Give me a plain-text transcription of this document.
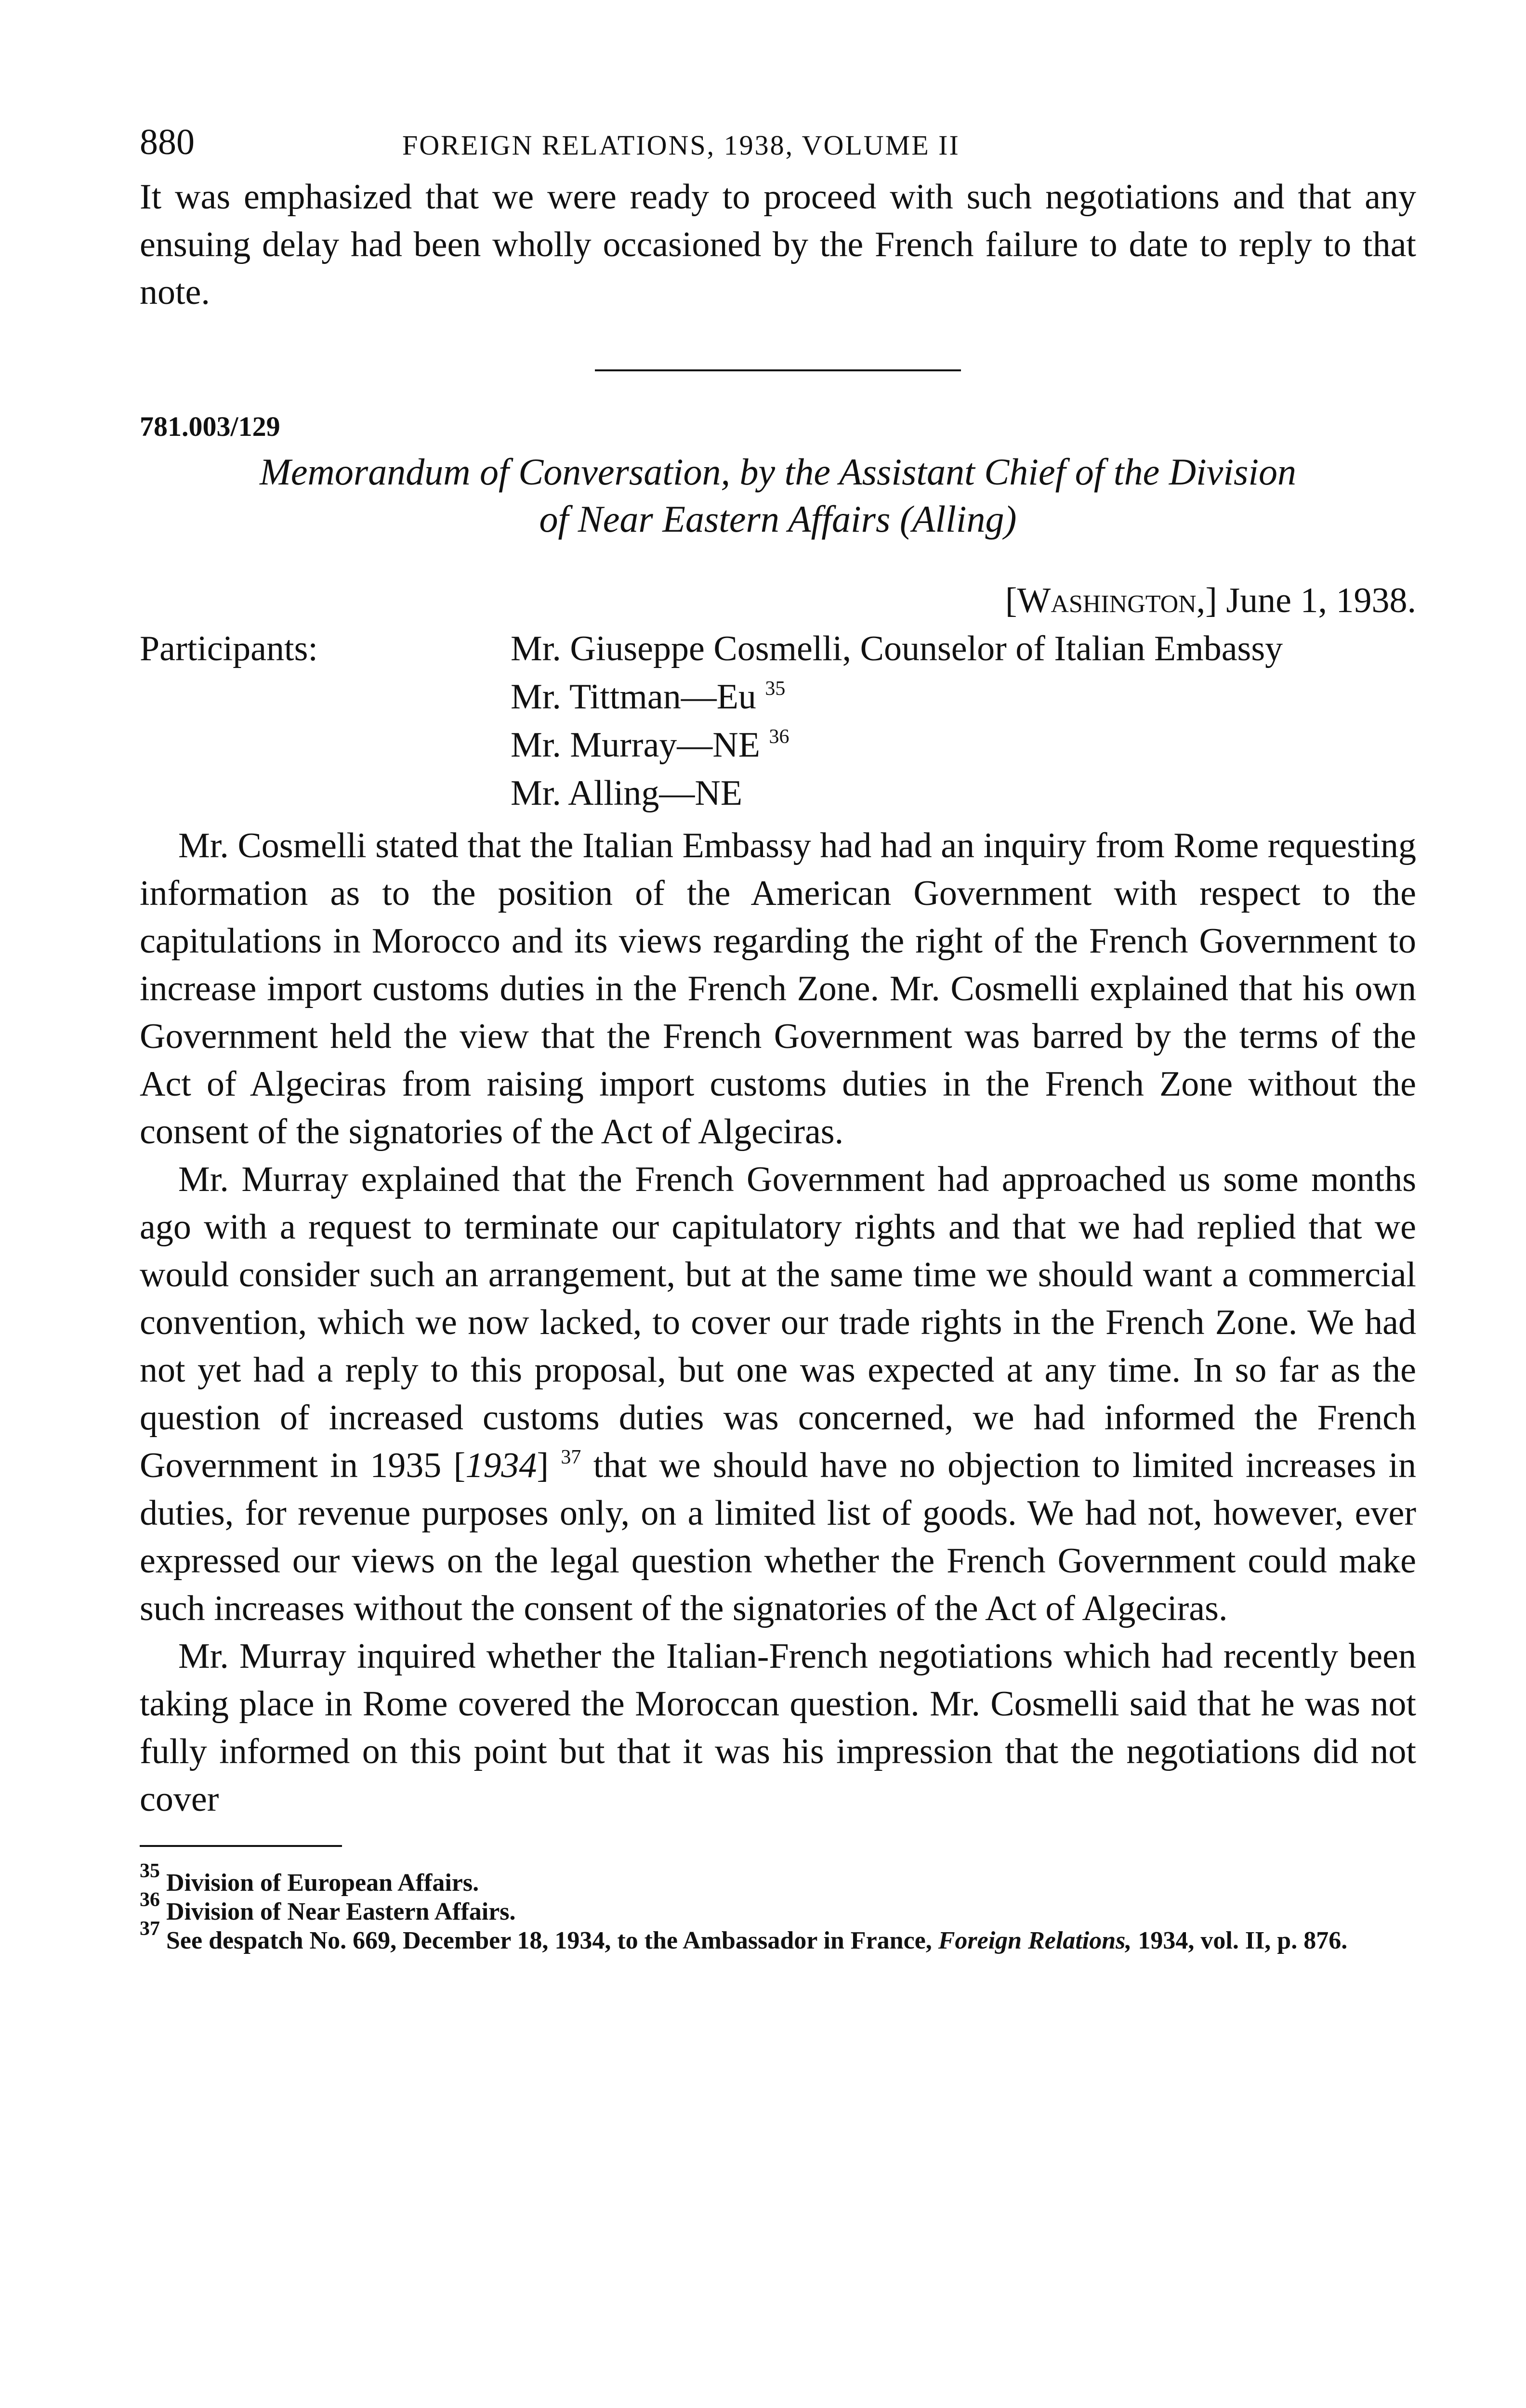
880	FOREIGN RELATIONS, 1938, VOLUME II

It was emphasized that we were ready to proceed with such negotiations and that any ensuing delay had been wholly occasioned by the French failure to date to reply to that note.

781.003/129

Memorandum of Conversation, by the Assistant Chief of the Division
of Near Eastern Affairs (Alling)

[Washington,] June 1, 1938.

Participants:	Mr. Giuseppe Cosmelli, Counselor of Italian Embassy
Mr. Tittman—Eu $^{35}$
Mr. Murray—NE $^{36}$
Mr. Alling—NE

Mr. Cosmelli stated that the Italian Embassy had had an inquiry from Rome requesting information as to the position of the American Government with respect to the capitulations in Morocco and its views regarding the right of the French Government to increase import customs duties in the French Zone. Mr. Cosmelli explained that his own Government held the view that the French Government was barred by the terms of the Act of Algeciras from raising import customs duties in the French Zone without the consent of the signatories of the Act of Algeciras.

Mr. Murray explained that the French Government had approached us some months ago with a request to terminate our capitulatory rights and that we had replied that we would consider such an arrangement, but at the same time we should want a commercial convention, which we now lacked, to cover our trade rights in the French Zone. We had not yet had a reply to this proposal, but one was expected at any time. In so far as the question of increased customs duties was concerned, we had informed the French Government in 1935 [1934] $^{37}$ that we should have no objection to limited increases in duties, for revenue purposes only, on a limited list of goods. We had not, however, ever expressed our views on the legal question whether the French Government could make such increases without the consent of the signatories of the Act of Algeciras.

Mr. Murray inquired whether the Italian-French negotiations which had recently been taking place in Rome covered the Moroccan question. Mr. Cosmelli said that he was not fully informed on this point but that it was his impression that the negotiations did not cover

$^{35}$ Division of European Affairs.

$^{36}$ Division of Near Eastern Affairs.

$^{37}$ See despatch No. 669, December 18, 1934, to the Ambassador in France, Foreign Relations, 1934, vol. II, p. 876.
